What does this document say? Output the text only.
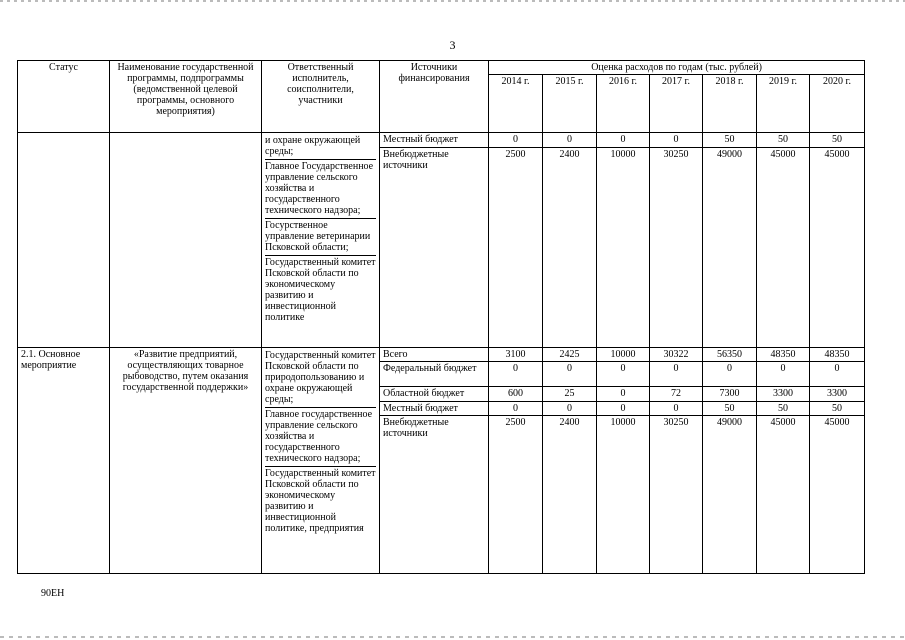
3
Статус	Наименование государственной программы, подпрограммы (ведомственной целевой программы, основного мероприятия)	Ответственный исполнитель, соисполнители, участники	Источники финансирования	Оценка расходов по годам (тыс. рублей)						
				2014 г.	2015 г.	2016 г.	2017 г.	2018 г.	2019 г.	2020 г.

		и охране окружающей среды;
Главное Государственное управление сельского хозяйства и государственного технического надзора;
Госурственное управление ветеринарии Псковской области;
Государственный комитет Псковской области по экономическому развитию и инвестиционной политике	Местный бюджет	0	0	0	0	50	50	50
			Внебюджетные источники	2500	2400	10000	30250	49000	45000	45000
2.1. Основное мероприятие	«Развитие предприятий, осуществляющих товарное рыбоводство, путем оказания государственной поддержки»	Государственный комитет Псковской области по природопользованию и охране окружающей среды;
Главное государственное управление сельского хозяйства и государственного технического надзора;
Государственный комитет Псковской области по экономическому развитию и инвестиционной политике, предприятия	Всего	3100	2425	10000	30322	56350	48350	48350
			Федеральный бюджет	0	0	0	0	0	0	0
			Областной бюджет	600	25	0	72	7300	3300	3300
			Местный бюджет	0	0	0	0	50	50	50
			Внебюджетные источники	2500	2400	10000	30250	49000	45000	45000
90ЕН
